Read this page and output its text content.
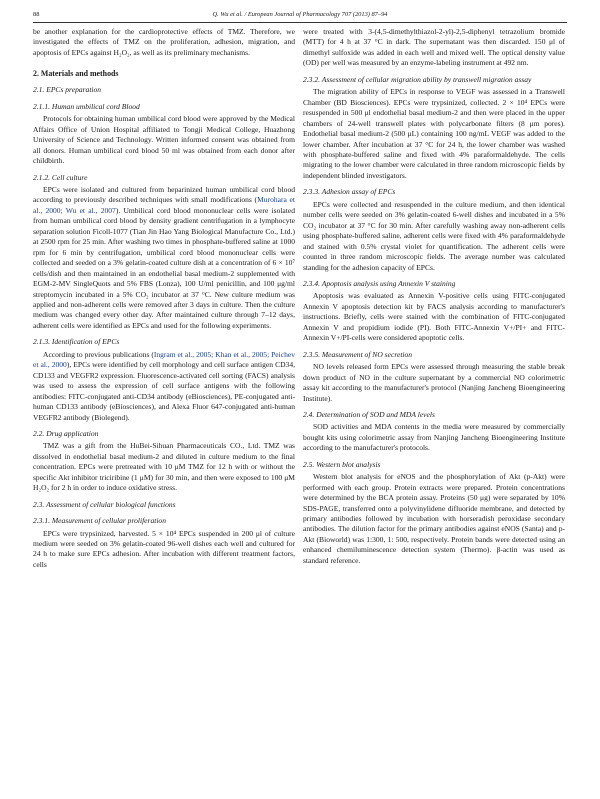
88	Q. Wu et al. / European Journal of Pharmacology 707 (2013) 87–94

be another explanation for the cardioprotective effects of TMZ. Therefore, we investigated the effects of TMZ on the proliferation, adhesion, migration, and apoptosis of EPCs against H₂O₂, as well as its preliminary mechanisms.

2. Materials and methods
2.1. EPCs preparation
2.1.1. Human umbilical cord Blood

Protocols for obtaining human umbilical cord blood were approved by the Medical Affairs Office of Union Hospital affiliated to Tongji Medical College, Huazhong University of Science and Technology. Written informed consent was obtained from all donors. Human umbilical cord blood 50 ml was obtained from each donor after childbirth.

2.1.2. Cell culture

EPCs were isolated and cultured from heparinized human umbilical cord blood according to previously described techniques with small modifications (Murohara et al., 2000; Wu et al., 2007). Umbilical cord blood mononuclear cells were isolated from human umbilical cord blood by density gradient centrifugation in a lymphocyte separation solution Ficoll-1077 (Tian Jin Hao Yang Biological Manufacture Co., Ltd.) at 2500 rpm for 25 min. After washing two times in phosphate-buffered saline at 1000 rpm for 6 min by centrifugation, umbilical cord blood mononuclear cells were collected and seeded on a 3% gelatin-coated culture dish at a concentration of 6 × 10⁷ cells/dish and then maintained in an endothelial basal medium-2 supplemented with EGM-2-MV SingleQuots and 5% FBS (Lonza), 100 U/ml penicillin, and 100 μg/ml streptomycin incubated in a 5% CO₂ incubator at 37 °C. New culture medium was applied and non-adherent cells were removed after 3 days in culture. Then the culture medium was changed every other day. After maintained culture through 7–12 days, adherent cells were identified as EPCs and used for the following experiments.

2.1.3. Identification of EPCs

According to previous publications (Ingram et al., 2005; Khan et al., 2005; Peichev et al., 2000), EPCs were identified by cell morphology and cell surface antigen CD34, CD133 and VEGFR2 expression. Fluorescence-activated cell sorting (FACS) analysis was used to assess the expression of cell surface antigens with the following antibodies: FITC-conjugated anti-CD34 antibody (eBiosciences), PE-conjugated anti-human CD133 antibody (eBiosciences), and Alexa Fluor 647-conjugated anti-human VEGFR2 antibody (Biolegend).

2.2. Drug application

TMZ was a gift from the HuBei-Sihuan Pharmaceuticals CO., Ltd. TMZ was dissolved in endothelial basal medium-2 and diluted in culture medium to the final concentration. EPCs were pretreated with 10 μM TMZ for 12 h with or without the specific Akt inhibitor triciribine (1 μM) for 30 min, and then were exposed to 100 μM H₂O₂ for 2 h in order to induce oxidative stress.

2.3. Assessment of cellular biological functions
2.3.1. Measurement of cellular proliferation

EPCs were trypsinized, harvested. 5 × 10⁴ EPCs suspended in 200 μl of culture medium were seeded on 3% gelatin-coated 96-well dishes each well and cultured for 24 h to make sure EPCs adhesion. After incubation with different treatment factors, cells

were treated with 3-(4,5-dimethylthiazol-2-yl)-2,5-diphenyl tetrazolium bromide (MTT) for 4 h at 37 °C in dark. The supernatant was then discarded. 150 μl of dimethyl sulfoxide was added in each well and mixed well. The optical density value (OD) per well was measured by an enzyme-labeling instrument at 492 nm.

2.3.2. Assessment of cellular migration ability by transwell migration assay

The migration ability of EPCs in response to VEGF was assessed in a Transwell Chamber (BD Biosciences). EPCs were trypsinized, collected. 2 × 10⁴ EPCs were resuspended in 500 μl endothelial basal medium-2 and then were placed in the upper chambers of 24-well transwell plates with polycarbonate filters (8 μm pores). Endothelial basal medium-2 (500 μL) containing 100 ng/mL VEGF was added to the lower chamber. After incubation at 37 °C for 24 h, the lower chamber was washed with phosphate-buffered saline and fixed with 4% paraformaldehyde. The cells migrating to the lower chamber were calculated in three random microscopic fields by independent blinded investigators.

2.3.3. Adhesion assay of EPCs

EPCs were collected and resuspended in the culture medium, and then identical number cells were seeded on 3% gelatin-coated 6-well dishes and incubated in a 5% CO₂ incubator at 37 °C for 30 min. After carefully washing away non-adherent cells using phosphate-buffered saline, adherent cells were fixed with 4% paraformaldehyde and stained with 0.5% crystal violet for quantification. The adherent cells were counted in three random microscopic fields. The average number was calculated standing for the adhesion capacity of EPCs.

2.3.4. Apoptosis analysis using Annexin V staining

Apoptosis was evaluated as Annexin V-positive cells using FITC-conjugated Annexin V apoptosis detection kit by FACS analysis according to manufacturer's instructions. Briefly, cells were stained with the combination of FITC-conjugated Annexin V and propidium iodide (PI). Both FITC-Annexin V+/PI+ and FITC-Annexin V+/PI-cells were considered apoptotic cells.

2.3.5. Measurement of NO secretion

NO levels released form EPCs were assessed through measuring the stable break down product of NO in the culture supernatant by a commercial NO colorimetric assay kit according to the manufacturer's protocol (Nanjing Jancheng Bioengineering Institute).

2.4. Determination of SOD and MDA levels

SOD activities and MDA contents in the media were measured by commercially bought kits using colorimetric assay from Nanjing Jancheng Bioengineering Institute according to the manufacturer's protocols.

2.5. Western blot analysis

Western blot analysis for eNOS and the phosphorylation of Akt (p-Akt) were performed with each group. Protein extracts were prepared. Protein concentrations were determined by the BCA protein assay. Proteins (50 μg) were separated by 10% SDS-PAGE, transferred onto a polyvinylidene difluoride membrane, and detected by primary antibodies followed by incubation with horseradish peroxidase secondary antibodies. The dilution factor for the primary antibodies against eNOS (Santa) and p-Akt (Bioworld) was 1:300, 1: 500, respectively. Protein bands were detected using an enhanced chemiluminescence detection system (Thermo). β-actin was used as standard reference.
